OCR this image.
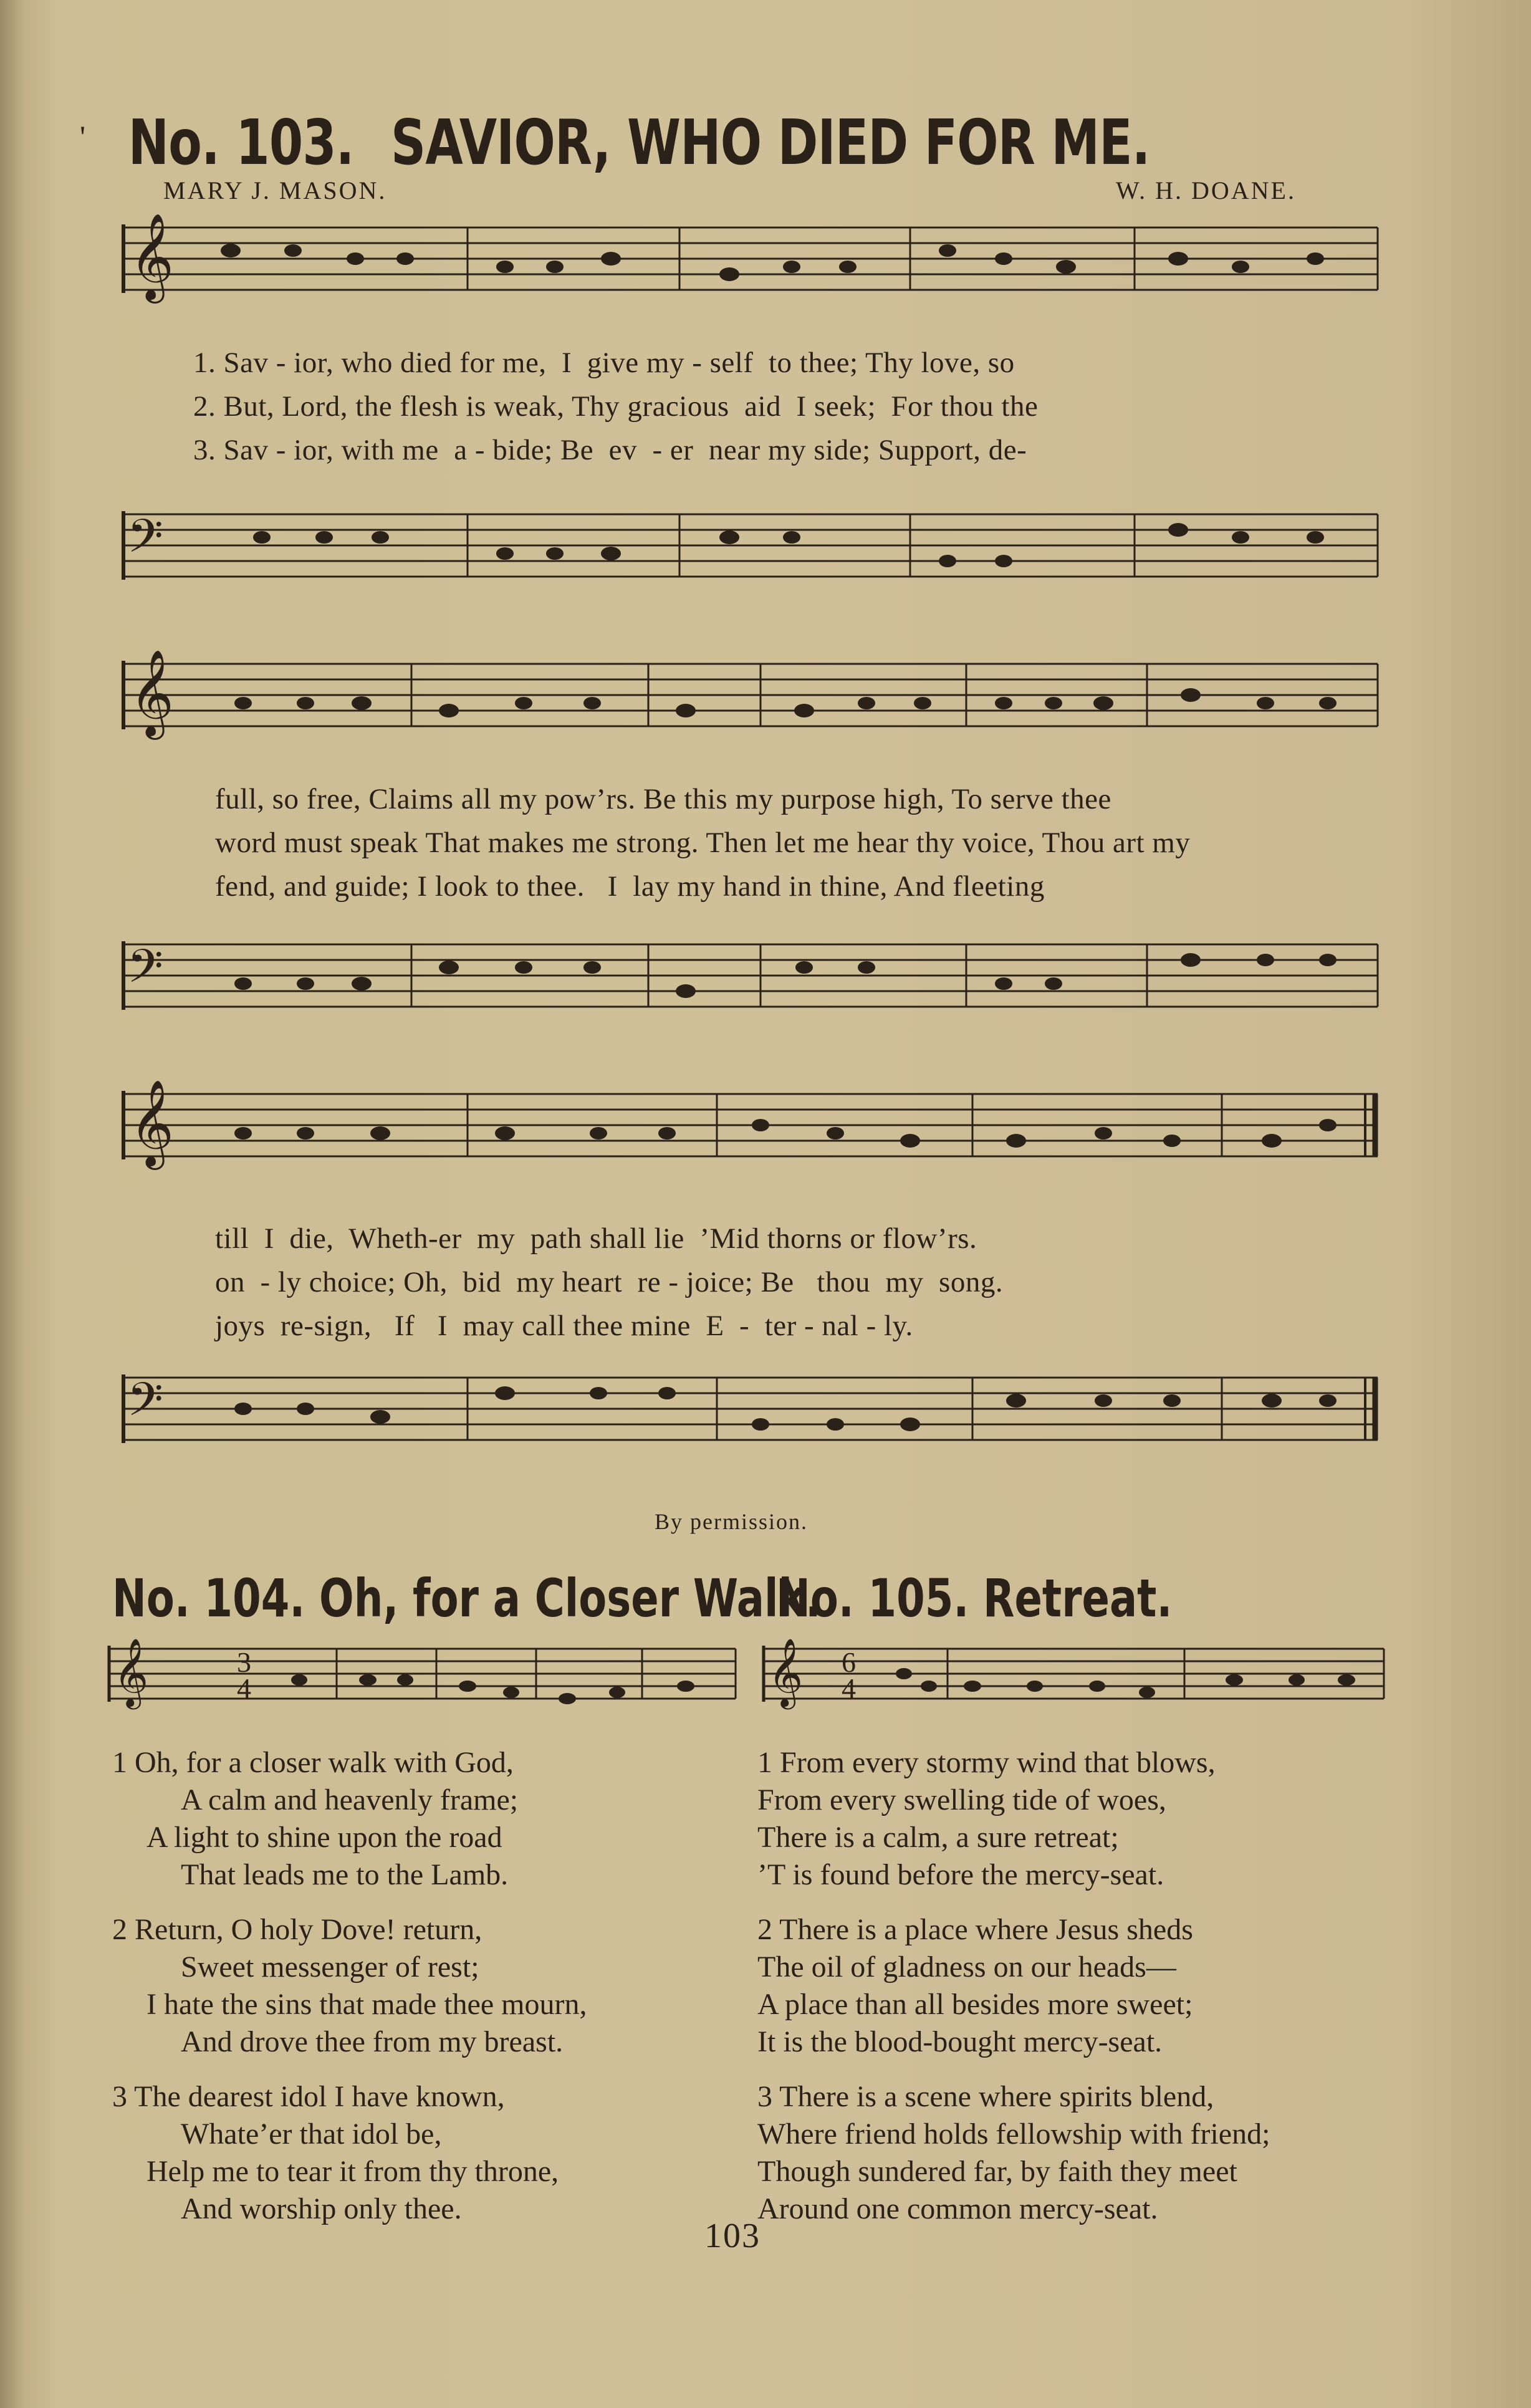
' No. 103. SAVIOR, WHO DIED FOR ME.
MARY J. MASON.	W. H. DOANE.
𝄞
1. Sav - ior, who died for me,  I  give my - self  to thee; Thy love, so
2. But, Lord, the flesh is weak, Thy gracious  aid  I seek;  For thou the
3. Sav - ior, with me  a - bide; Be  ev  - er  near my side; Support, de-
𝄢
𝄞
full, so free, Claims all my pow’rs. Be this my purpose high, To serve thee
word must speak That makes me strong. Then let me hear thy voice, Thou art my
fend, and guide; I look to thee.   I  lay my hand in thine, And fleeting
𝄢
𝄞
till  I  die,  Wheth-er  my  path shall lie  ’Mid thorns or flow’rs.
on  - ly choice; Oh,  bid  my heart  re - joice; Be   thou  my  song.
joys  re-sign,   If   I  may call thee mine  E  -  ter - nal - ly.
𝄢
By permission.
No. 104. Oh, for a Closer Walk.
No. 105. Retreat.
𝄞	3
4	𝄞 6
4
1 Oh, for a closer walk with God,
A calm and heavenly frame;
A light to shine upon the road
That leads me to the Lamb.
2 Return, O holy Dove! return,
Sweet messenger of rest;
I hate the sins that made thee mourn,
And drove thee from my breast.
3 The dearest idol I have known,
Whate’er that idol be,
Help me to tear it from thy throne,
And worship only thee.
1 From every stormy wind that blows,
From every swelling tide of woes,
There is a calm, a sure retreat;
’T is found before the mercy-seat.
2 There is a place where Jesus sheds
The oil of gladness on our heads—
A place than all besides more sweet;
It is the blood-bought mercy-seat.
3 There is a scene where spirits blend,
Where friend holds fellowship with friend;
Though sundered far, by faith they meet
Around one common mercy-seat.
103
